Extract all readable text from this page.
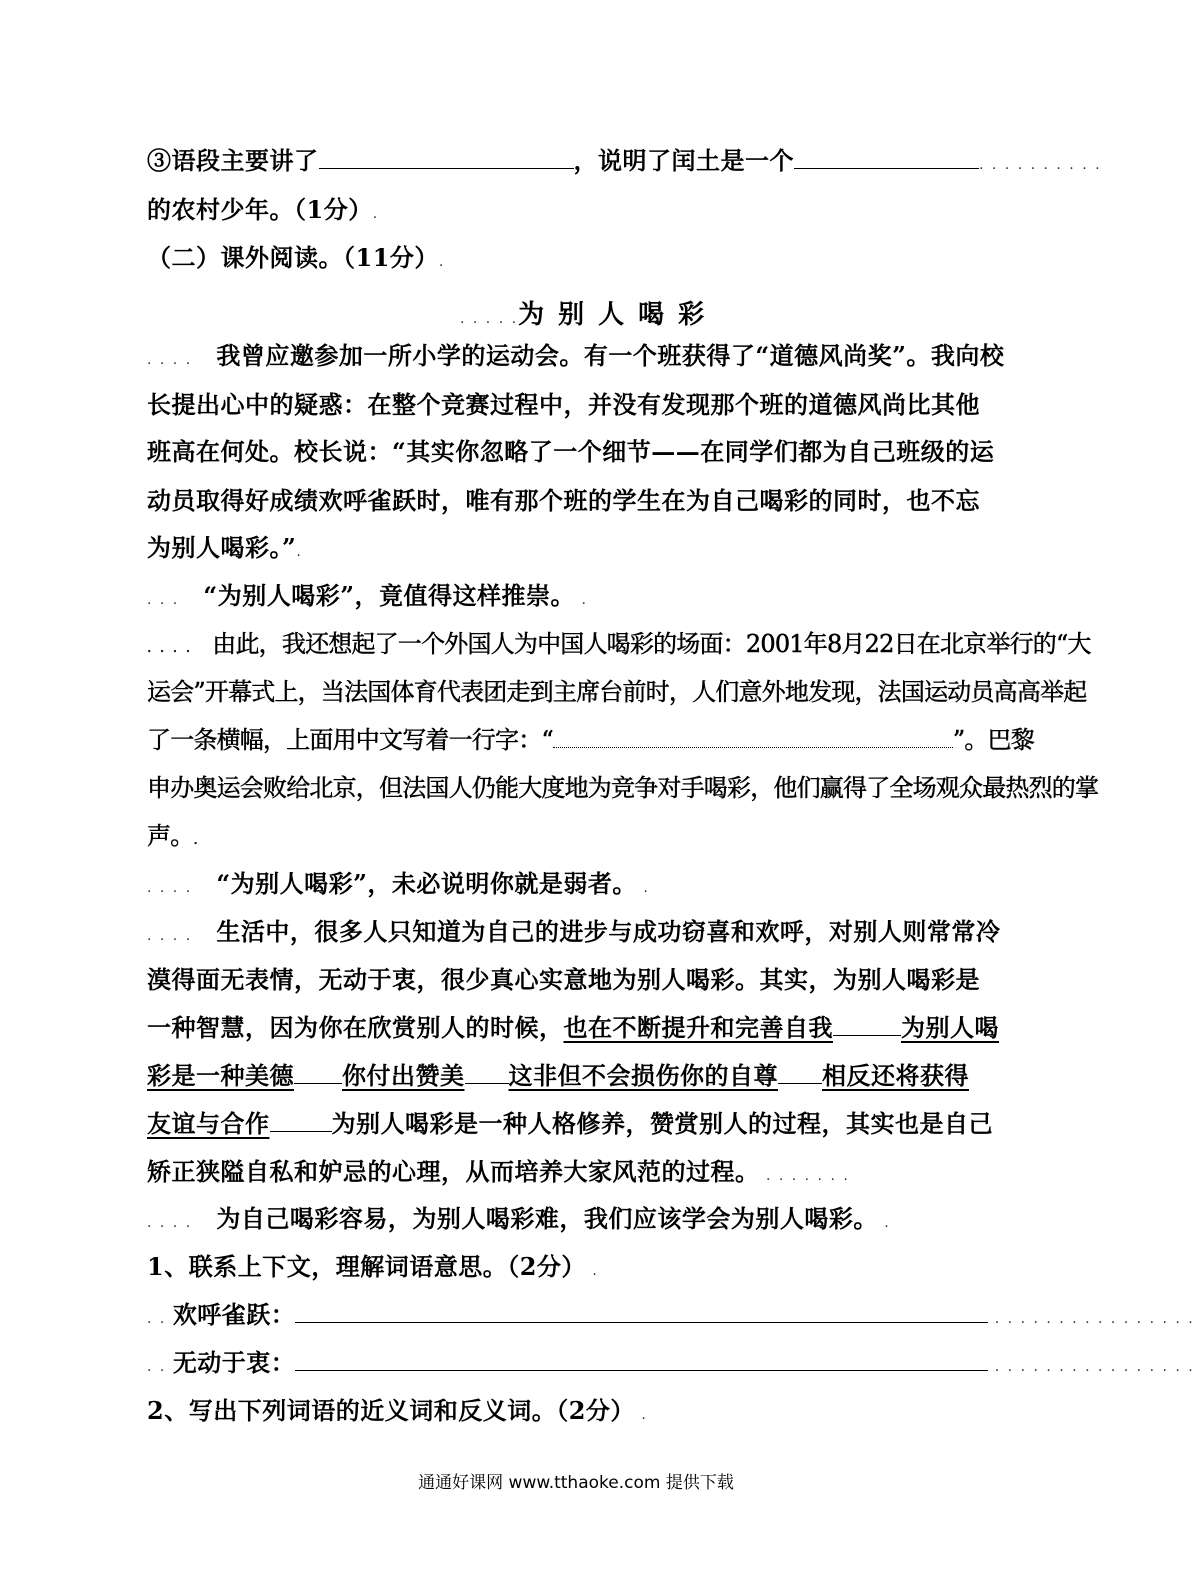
③语段主要讲了	，说明了闰土是一个	. . . . . . . . . .
的农村少年。（1分）.
（二）课外阅读。（11分）.
. . . . .为别人喝彩
. . . .   我曾应邀参加一所小学的运动会。有一个班获得了“道德风尚奖”。我向校
长提出心中的疑惑：在整个竞赛过程中，并没有发现那个班的道德风尚比其他
班高在何处。校长说：“其实你忽略了一个细节——在同学们都为自己班级的运
动员取得好成绩欢呼雀跃时，唯有那个班的学生在为自己喝彩的同时，也不忘
为别人喝彩。”.
. . .   “为别人喝彩”，竟值得这样推崇。 .
. . . .   由此，我还想起了一个外国人为中国人喝彩的场面：2001年8月22日在北京举行的“大
运会”开幕式上，当法国体育代表团走到主席台前时，人们意外地发现，法国运动员高高举起
了一条横幅，上面用中文写着一行字：“	”。巴黎
申办奥运会败给北京，但法国人仍能大度地为竞争对手喝彩，他们赢得了全场观众最热烈的掌
声。.
. . . .   “为别人喝彩”，未必说明你就是弱者。 .
. . . .   生活中，很多人只知道为自己的进步与成功窃喜和欢呼，对别人则常常冷
漠得面无表情，无动于衷，很少真心实意地为别人喝彩。其实，为别人喝彩是
一种智慧，因为你在欣赏别人的时候，也在不断提升和完善自我	为别人喝
彩是一种美德 你付出赞美 这非但不会损伤你的自尊 相反还将获得
友谊与合作	为别人喝彩是一种人格修养，赞赏别人的过程，其实也是自己
矫正狭隘自私和妒忌的心理，从而培养大家风范的过程。 . . . . . . .
. . . .   为自己喝彩容易，为别人喝彩难，我们应该学会为别人喝彩。 .
1、联系上下文，理解词语意思。（2分） .
. . 欢呼雀跃：	. . . . . . . . . . . . . . . .
. . 无动于衷：	. . . . . . . . . . . . . . . .
2、写出下列词语的近义词和反义词。（2分） .
通通好课网 www.tthaoke.com 提供下载
